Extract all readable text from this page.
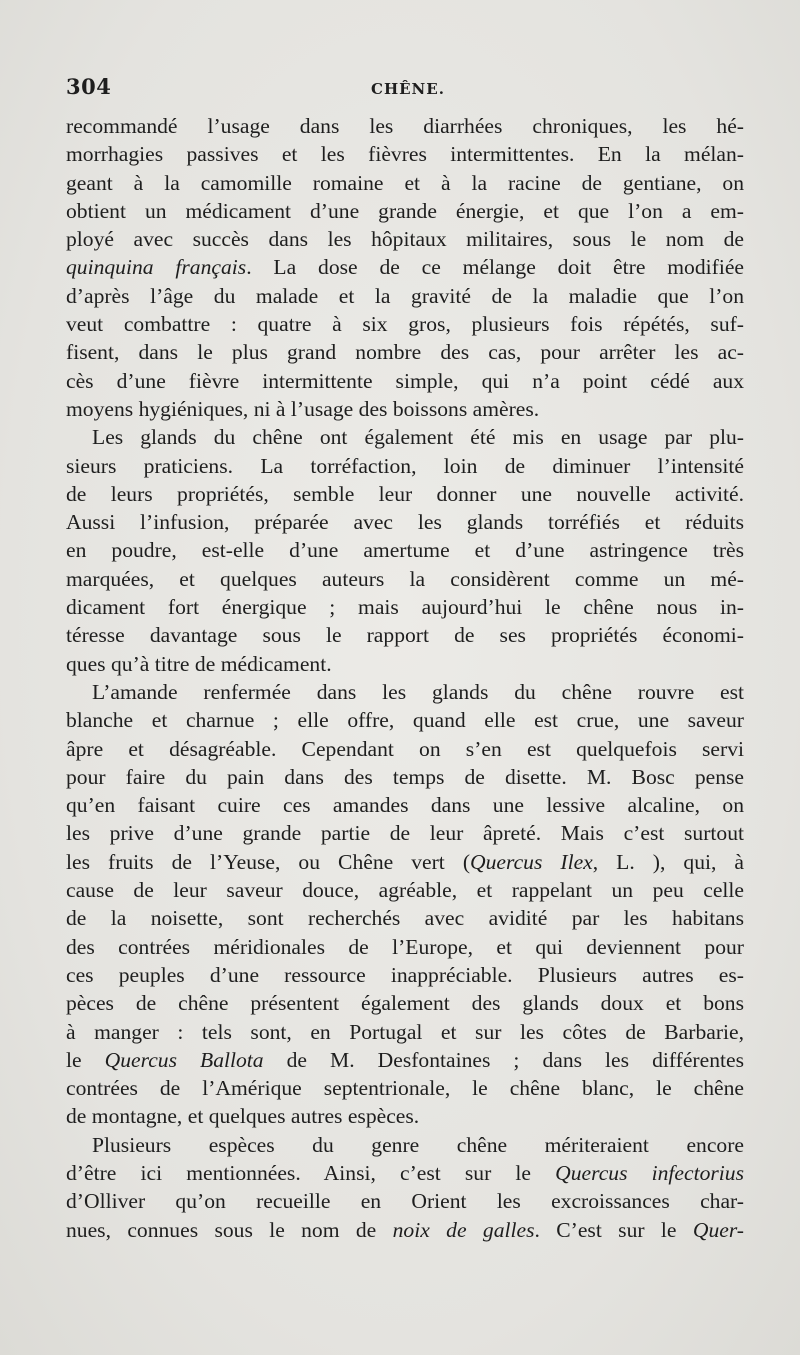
304	CHÊNE.
recommandé l’usage dans les diarrhées chroniques, les hé-
morrhagies passives et les fièvres intermittentes. En la mélan-
geant à la camomille romaine et à la racine de gentiane, on
obtient un médicament d’une grande énergie, et que l’on a em-
ployé avec succès dans les hôpitaux militaires, sous le nom de
quinquina français. La dose de ce mélange doit être modifiée
d’après l’âge du malade et la gravité de la maladie que l’on
veut combattre : quatre à six gros, plusieurs fois répétés, suf-
fisent, dans le plus grand nombre des cas, pour arrêter les ac-
cès d’une fièvre intermittente simple, qui n’a point cédé aux
moyens hygiéniques, ni à l’usage des boissons amères.
Les glands du chêne ont également été mis en usage par plu-
sieurs praticiens. La torréfaction, loin de diminuer l’intensité
de leurs propriétés, semble leur donner une nouvelle activité.
Aussi l’infusion, préparée avec les glands torréfiés et réduits
en poudre, est-elle d’une amertume et d’une astringence très
marquées, et quelques auteurs la considèrent comme un mé-
dicament fort énergique ; mais aujourd’hui le chêne nous in-
téresse davantage sous le rapport de ses propriétés économi-
ques qu’à titre de médicament.
L’amande renfermée dans les glands du chêne rouvre est
blanche et charnue ; elle offre, quand elle est crue, une saveur
âpre et désagréable. Cependant on s’en est quelquefois servi
pour faire du pain dans des temps de disette. M. Bosc pense
qu’en faisant cuire ces amandes dans une lessive alcaline, on
les prive d’une grande partie de leur âpreté. Mais c’est surtout
les fruits de l’Yeuse, ou Chêne vert (Quercus Ilex, L. ), qui, à
cause de leur saveur douce, agréable, et rappelant un peu celle
de la noisette, sont recherchés avec avidité par les habitans
des contrées méridionales de l’Europe, et qui deviennent pour
ces peuples d’une ressource inappréciable. Plusieurs autres es-
pèces de chêne présentent également des glands doux et bons
à manger : tels sont, en Portugal et sur les côtes de Barbarie,
le Quercus Ballota de M. Desfontaines ; dans les différentes
contrées de l’Amérique septentrionale, le chêne blanc, le chêne
de montagne, et quelques autres espèces.
Plusieurs espèces du genre chêne mériteraient encore
d’être ici mentionnées. Ainsi, c’est sur le Quercus infectorius
d’Olliver qu’on recueille en Orient les excroissances char-
nues, connues sous le nom de noix de galles. C’est sur le Quer-
